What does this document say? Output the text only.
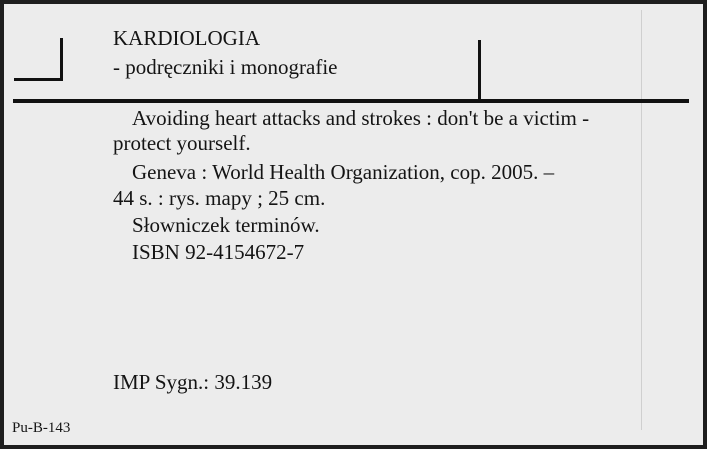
KARDIOLOGIA
- podręczniki i monografie
Avoiding heart attacks and strokes : don't be a victim -
protect yourself.
Geneva : World Health Organization, cop. 2005. –
44 s. : rys. mapy ; 25 cm.
Słowniczek terminów.
ISBN 92-4154672-7
IMP Sygn.: 39.139
Pu-B-143
